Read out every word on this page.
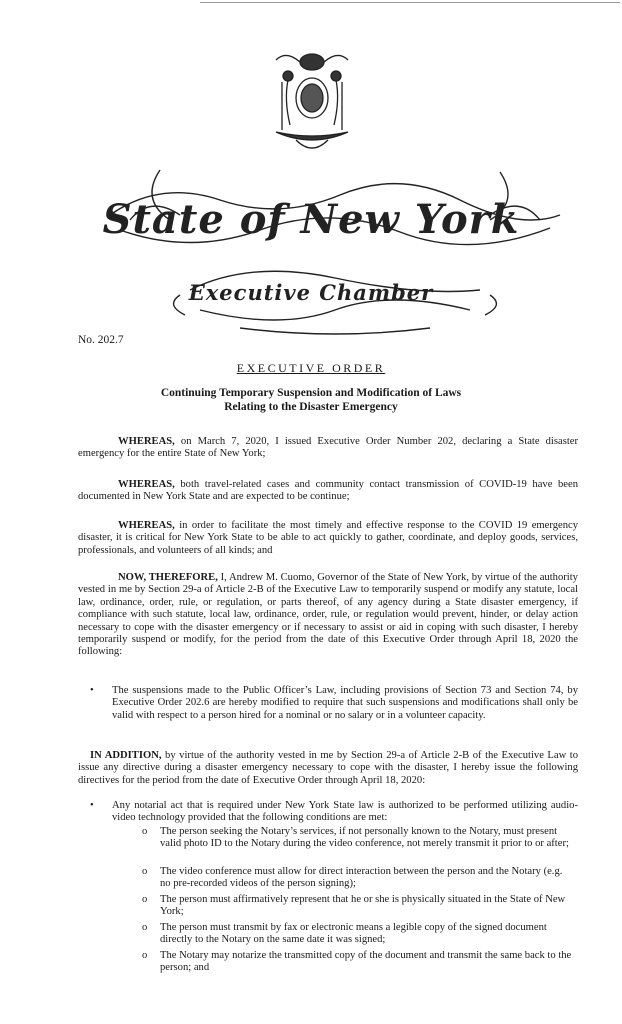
State of New York
Executive Chamber
No. 202.7
EXECUTIVE ORDER
Continuing Temporary Suspension and Modification of Laws
Relating to the Disaster Emergency

WHEREAS, on March 7, 2020, I issued Executive Order Number 202, declaring a State disaster emergency for the entire State of New York;

WHEREAS, both travel-related cases and community contact transmission of COVID-19 have been documented in New York State and are expected to be continue;

WHEREAS, in order to facilitate the most timely and effective response to the COVID 19 emergency disaster, it is critical for New York State to be able to act quickly to gather, coordinate, and deploy goods, services, professionals, and volunteers of all kinds; and

NOW, THEREFORE, I, Andrew M. Cuomo, Governor of the State of New York, by virtue of the authority vested in me by Section 29-a of Article 2-B of the Executive Law to temporarily suspend or modify any statute, local law, ordinance, order, rule, or regulation, or parts thereof, of any agency during a State disaster emergency, if compliance with such statute, local law, ordinance, order, rule, or regulation would prevent, hinder, or delay action necessary to cope with the disaster emergency or if necessary to assist or aid in coping with such disaster, I hereby temporarily suspend or modify, for the period from the date of this Executive Order through April 18, 2020 the following:

• The suspensions made to the Public Officer’s Law, including provisions of Section 73 and Section 74, by Executive Order 202.6 are hereby modified to require that such suspensions and modifications shall only be valid with respect to a person hired for a nominal or no salary or in a volunteer capacity.

IN ADDITION, by virtue of the authority vested in me by Section 29-a of Article 2-B of the Executive Law to issue any directive during a disaster emergency necessary to cope with the disaster, I hereby issue the following directives for the period from the date of Executive Order through April 18, 2020:

• Any notarial act that is required under New York State law is authorized to be performed utilizing audio-video technology provided that the following conditions are met:
o The person seeking the Notary’s services, if not personally known to the Notary, must present valid photo ID to the Notary during the video conference, not merely transmit it prior to or after;
o The video conference must allow for direct interaction between the person and the Notary (e.g. no pre-recorded videos of the person signing);
o The person must affirmatively represent that he or she is physically situated in the State of New York;
o The person must transmit by fax or electronic means a legible copy of the signed document directly to the Notary on the same date it was signed;
o The Notary may notarize the transmitted copy of the document and transmit the same back to the person; and
